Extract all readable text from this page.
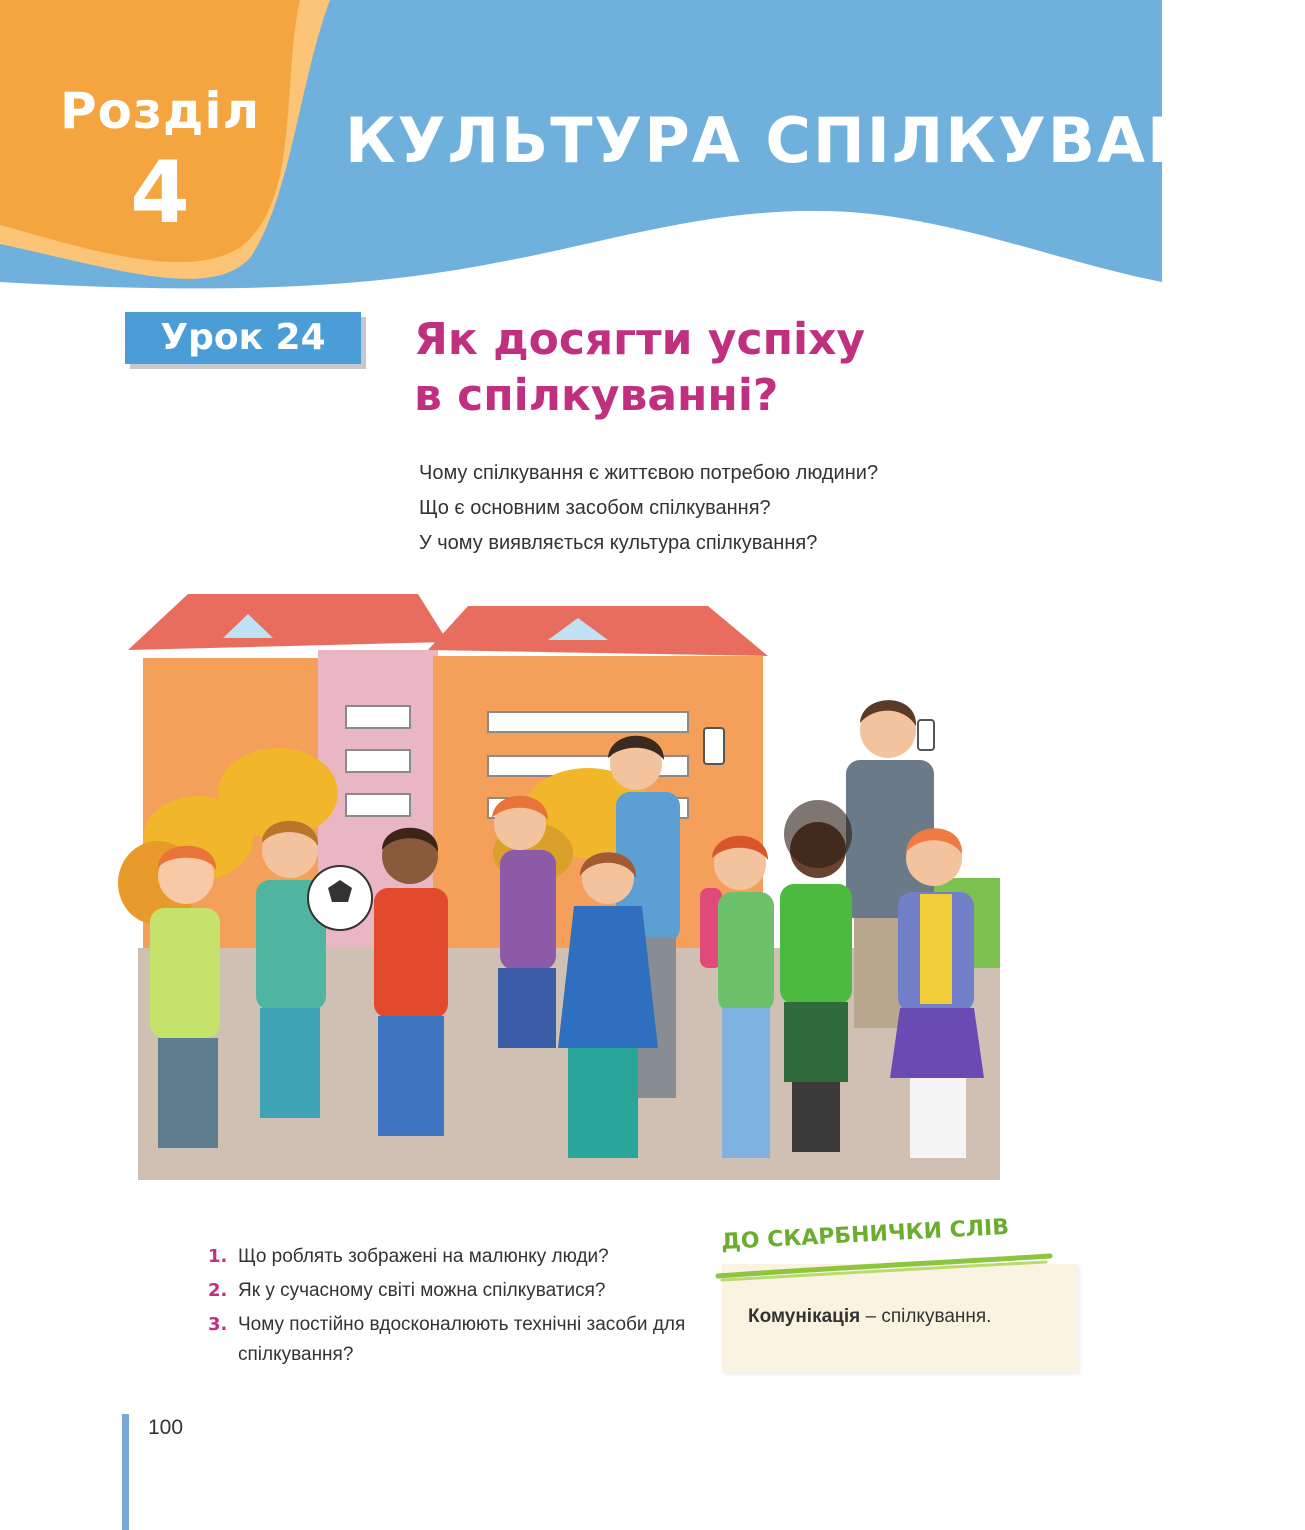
Розділ
4
КУЛЬТУРА СПІЛКУВАННЯ
Урок 24	Як досягти успіху
в спілкуванні?
Чому спілкування є життєвою потребою людини?
Що є основним засобом спілкування?
У чому виявляється культура спілкування?
1. Що роблять зображені на малюнку люди?
2. Як у сучасному світі можна спілкуватися?
3. Чому постійно вдосконалюють технічні засоби для спілкування?
ДО СКАРБНИЧКИ СЛІВ
Комунікація – спілкування.
100
